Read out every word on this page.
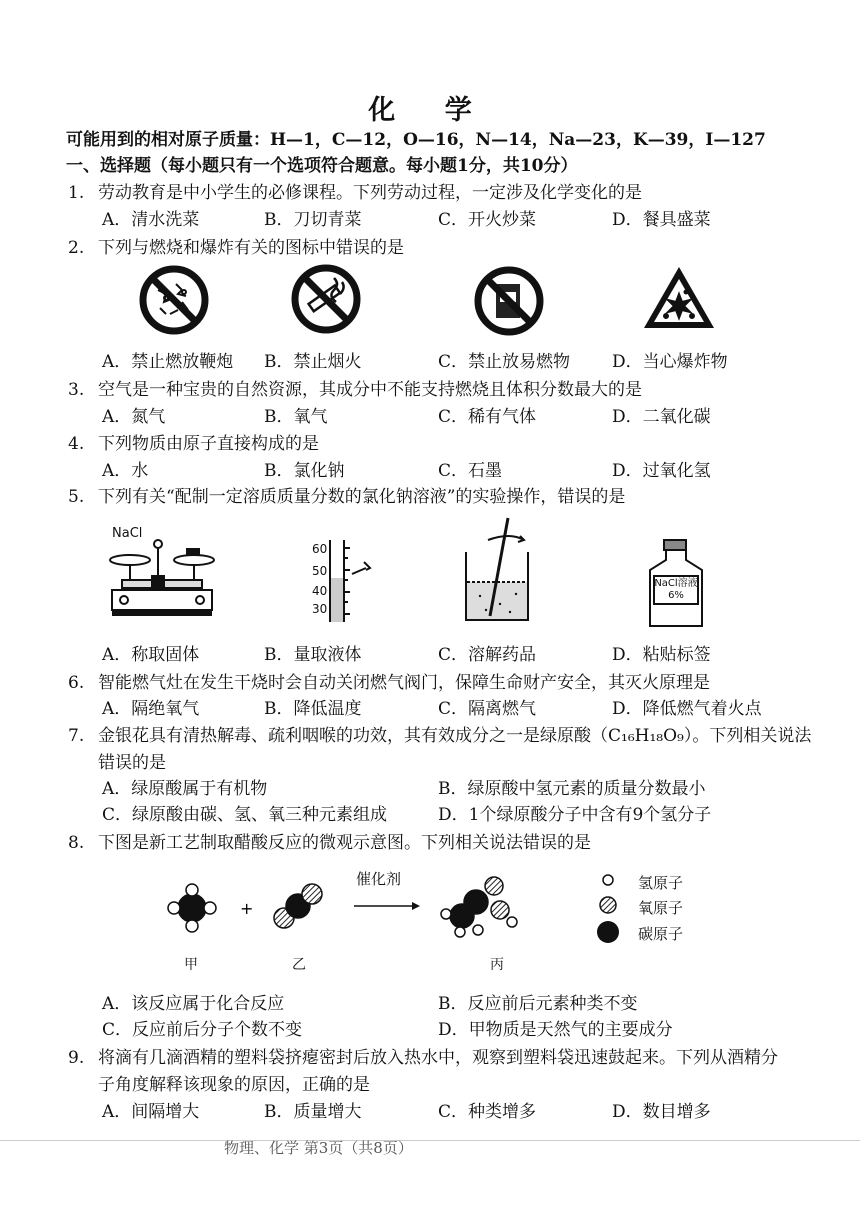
化 学
可能用到的相对原子质量：H—1，C—12，O—16，N—14，Na—23，K—39，I—127
一、选择题（每小题只有一个选项符合题意。每小题1分，共10分）
1. 劳动教育是中小学生的必修课程。下列劳动过程，一定涉及化学变化的是
A．清水洗菜	B．刀切青菜	C．开火炒菜	D．餐具盛菜
2. 下列与燃烧和爆炸有关的图标中错误的是
A．禁止燃放鞭炮 B．禁止烟火	C．禁止放易燃物 D．当心爆炸物
3. 空气是一种宝贵的自然资源，其成分中不能支持燃烧且体积分数最大的是
A．氮气	B．氧气	C．稀有气体	D．二氧化碳
4. 下列物质由原子直接构成的是
A．水	B．氯化钠	C．石墨	D．过氧化氢
5. 下列有关“配制一定溶质质量分数的氯化钠溶液”的实验操作，错误的是
NaCl
60
50
40
30
NaCl溶液
6%
A．称取固体	B．量取液体	C．溶解药品	D．粘贴标签
6. 智能燃气灶在发生干烧时会自动关闭燃气阀门，保障生命财产安全，其灭火原理是
A．隔绝氧气	B．降低温度	C．隔离燃气	D．降低燃气着火点
7. 金银花具有清热解毒、疏利咽喉的功效，其有效成分之一是绿原酸（C₁₆H₁₈O₉）。下列相关说法
错误的是
A．绿原酸属于有机物	B．绿原酸中氢元素的质量分数最小
C．绿原酸由碳、氢、氧三种元素组成	D．1个绿原酸分子中含有9个氢分子
8. 下图是新工艺制取醋酸反应的微观示意图。下列相关说法错误的是
+
催化剂	氢原子
氧原子
碳原子
甲	乙	丙
A．该反应属于化合反应	B．反应前后元素种类不变
C．反应前后分子个数不变	D．甲物质是天然气的主要成分
9. 将滴有几滴酒精的塑料袋挤瘪密封后放入热水中，观察到塑料袋迅速鼓起来。下列从酒精分
子角度解释该现象的原因，正确的是
A．间隔增大	B．质量增大	C．种类增多	D．数目增多
物理、化学 第3页（共8页）
